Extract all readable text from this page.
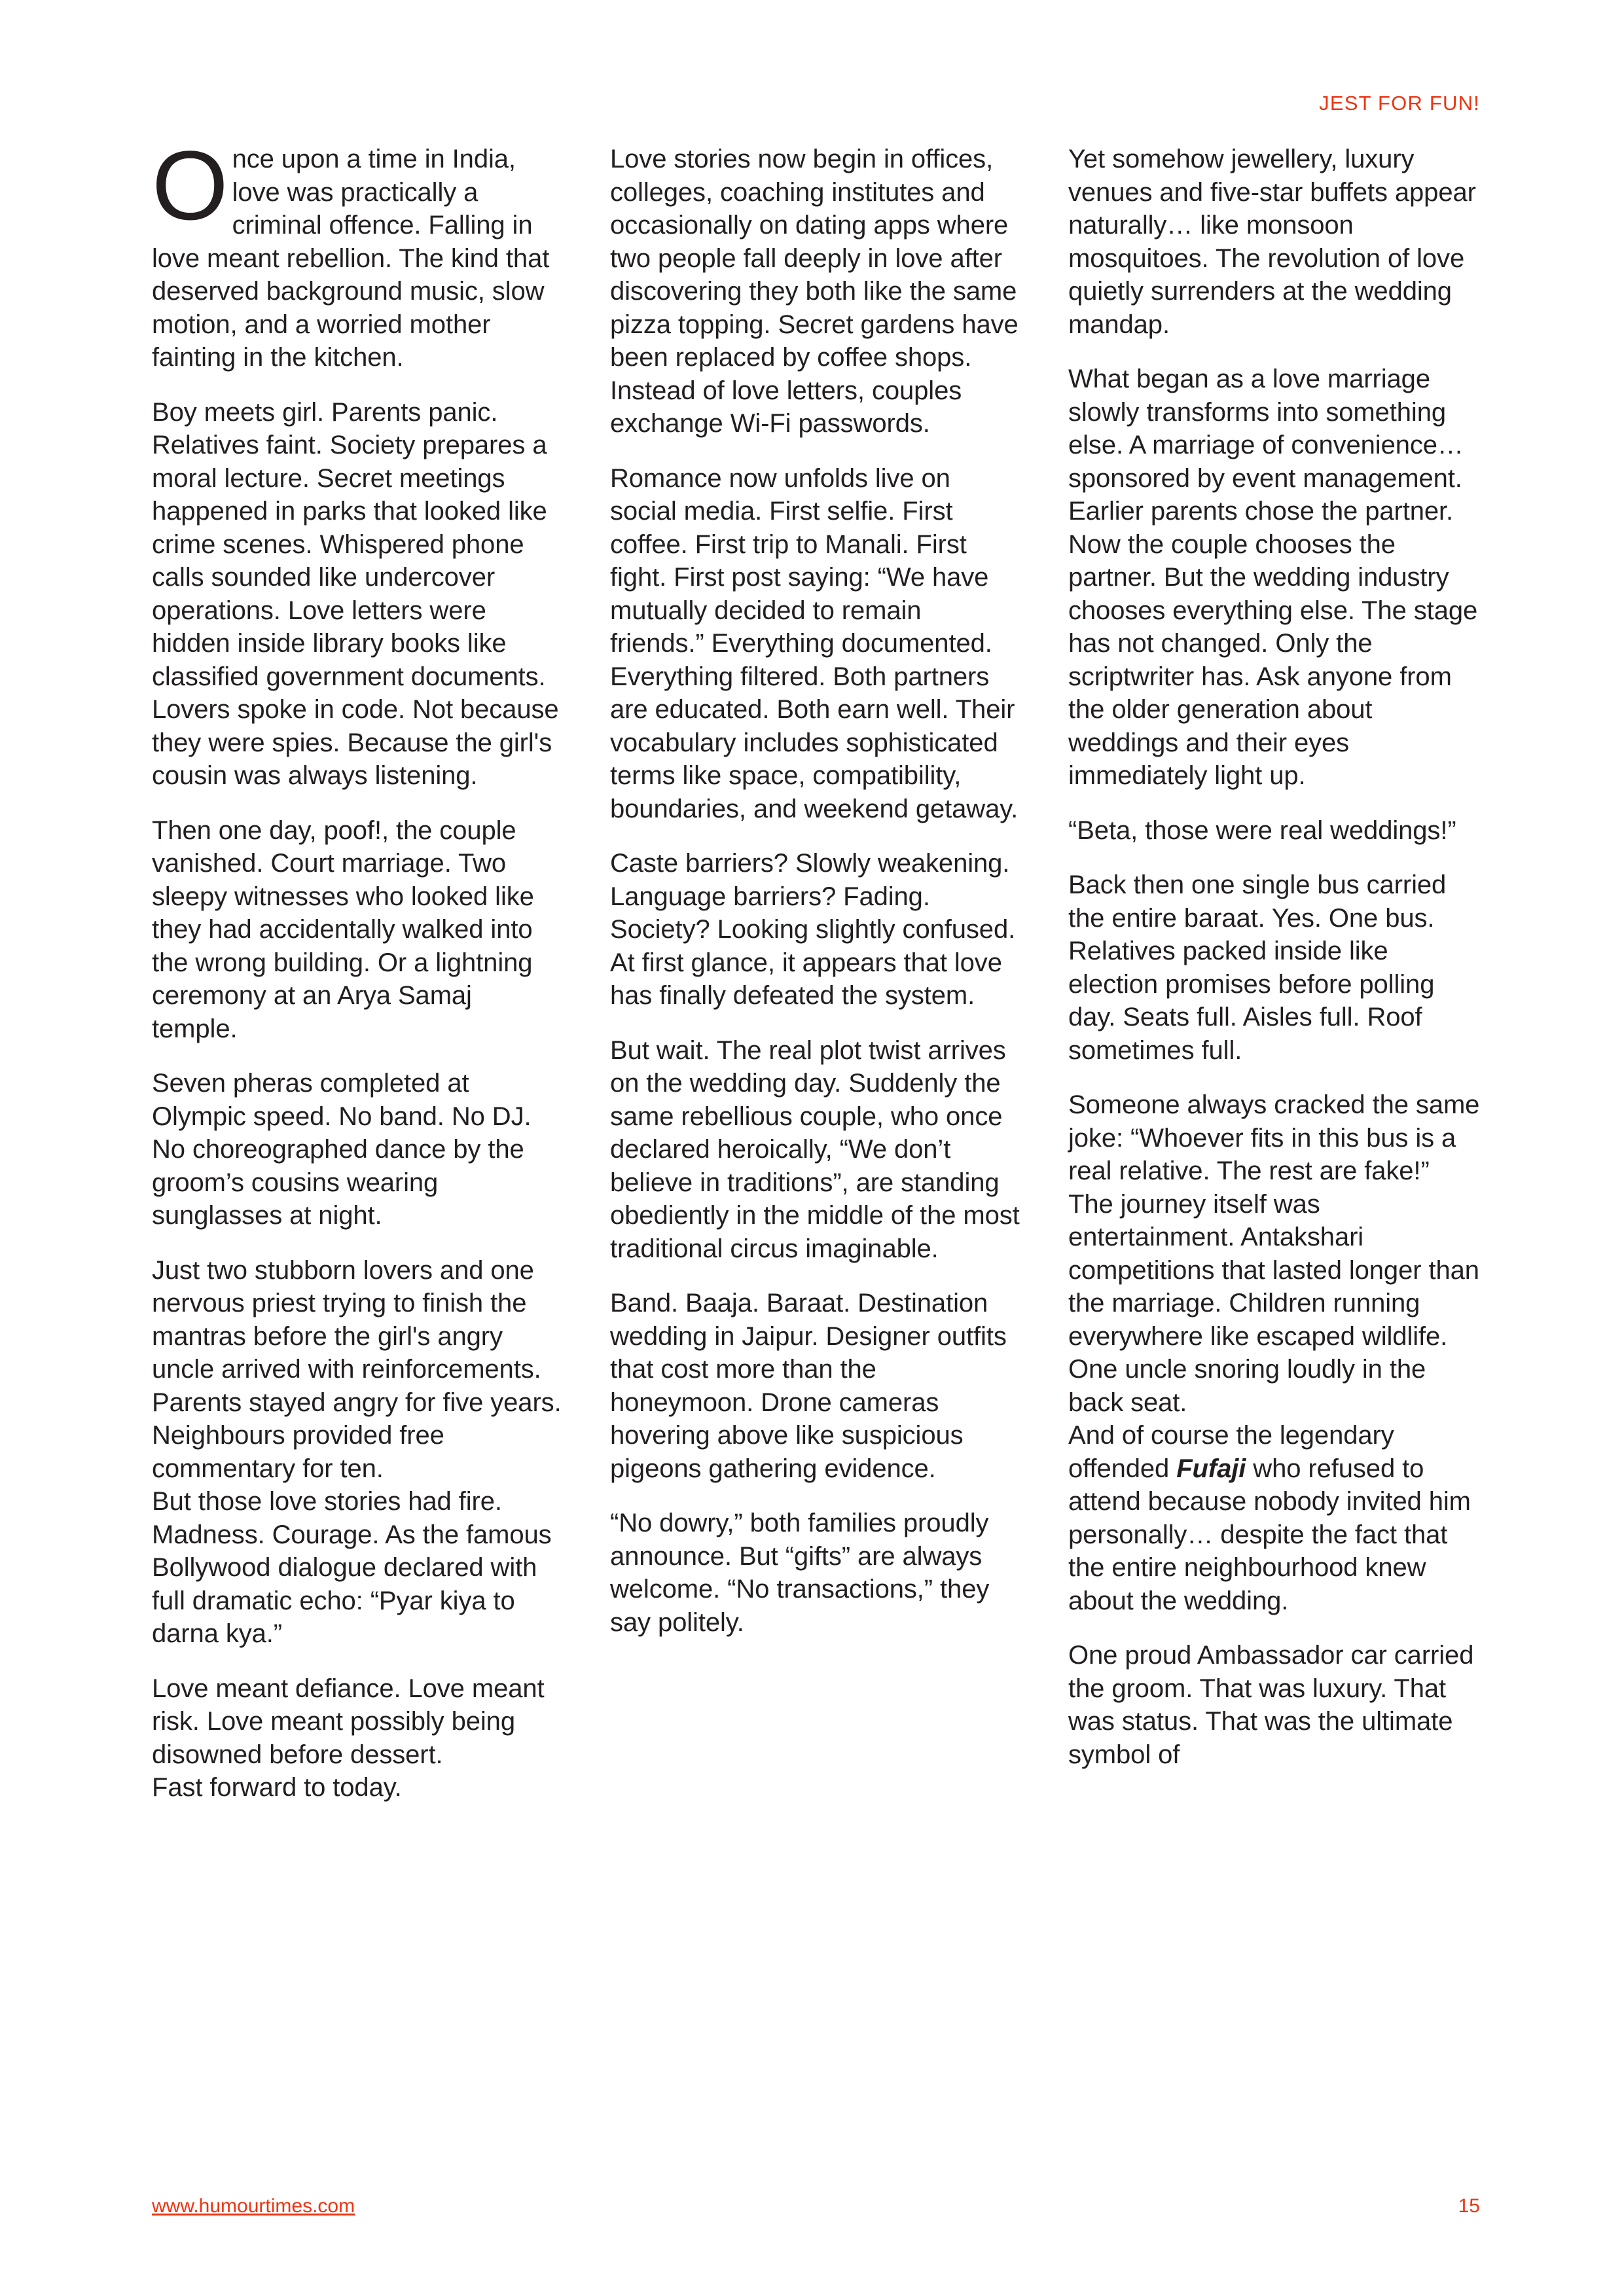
JEST FOR FUN!

Once upon a time in India, love was practically a criminal offence. Falling in love meant rebellion. The kind that deserved background music, slow motion, and a worried mother fainting in the kitchen.

Boy meets girl. Parents panic. Relatives faint. Society prepares a moral lecture. Secret meetings happened in parks that looked like crime scenes. Whispered phone calls sounded like undercover operations. Love letters were hidden inside library books like classified government documents. Lovers spoke in code. Not because they were spies. Because the girl's cousin was always listening.

Then one day, poof!, the couple vanished. Court marriage. Two sleepy witnesses who looked like they had accidentally walked into the wrong building. Or a lightning ceremony at an Arya Samaj temple.

Seven pheras completed at Olympic speed. No band. No DJ. No choreographed dance by the groom’s cousins wearing sunglasses at night.

Just two stubborn lovers and one nervous priest trying to finish the mantras before the girl's angry uncle arrived with reinforcements. Parents stayed angry for five years. Neighbours provided free commentary for ten.
But those love stories had fire. Madness. Courage. As the famous Bollywood dialogue declared with full dramatic echo: “Pyar kiya to darna kya.”

Love meant defiance. Love meant risk. Love meant possibly being disowned before dessert.
Fast forward to today.

Love stories now begin in offices, colleges, coaching institutes and occasionally on dating apps where two people fall deeply in love after discovering they both like the same pizza topping. Secret gardens have been replaced by coffee shops. Instead of love letters, couples exchange Wi-Fi passwords.

Romance now unfolds live on social media. First selfie. First coffee. First trip to Manali. First fight. First post saying: “We have mutually decided to remain friends.” Everything documented. Everything filtered. Both partners are educated. Both earn well. Their vocabulary includes sophisticated terms like space, compatibility, boundaries, and weekend getaway.

Caste barriers? Slowly weakening. Language barriers? Fading. Society? Looking slightly confused.
At first glance, it appears that love has finally defeated the system.

But wait. The real plot twist arrives on the wedding day. Suddenly the same rebellious couple, who once declared heroically, “We don’t believe in traditions”, are standing obediently in the middle of the most traditional circus imaginable.

Band. Baaja. Baraat. Destination wedding in Jaipur. Designer outfits that cost more than the honeymoon. Drone cameras hovering above like suspicious pigeons gathering evidence.

“No dowry,” both families proudly announce. But “gifts” are always welcome. “No transactions,” they say politely.

Yet somehow jewellery, luxury venues and five-star buffets appear naturally… like monsoon mosquitoes. The revolution of love quietly surrenders at the wedding mandap.

What began as a love marriage slowly transforms into something else. A marriage of convenience… sponsored by event management. Earlier parents chose the partner. Now the couple chooses the partner. But the wedding industry chooses everything else. The stage has not changed. Only the scriptwriter has. Ask anyone from the older generation about weddings and their eyes immediately light up.

“Beta, those were real weddings!”

Back then one single bus carried the entire baraat. Yes. One bus. Relatives packed inside like election promises before polling day. Seats full. Aisles full. Roof sometimes full.

Someone always cracked the same joke: “Whoever fits in this bus is a real relative. The rest are fake!” The journey itself was entertainment. Antakshari competitions that lasted longer than the marriage. Children running everywhere like escaped wildlife. One uncle snoring loudly in the back seat.
And of course the legendary offended Fufaji who refused to attend because nobody invited him personally… despite the fact that the entire neighbourhood knew about the wedding.

One proud Ambassador car carried the groom. That was luxury. That was status. That was the ultimate symbol of

www.humourtimes.com	15
